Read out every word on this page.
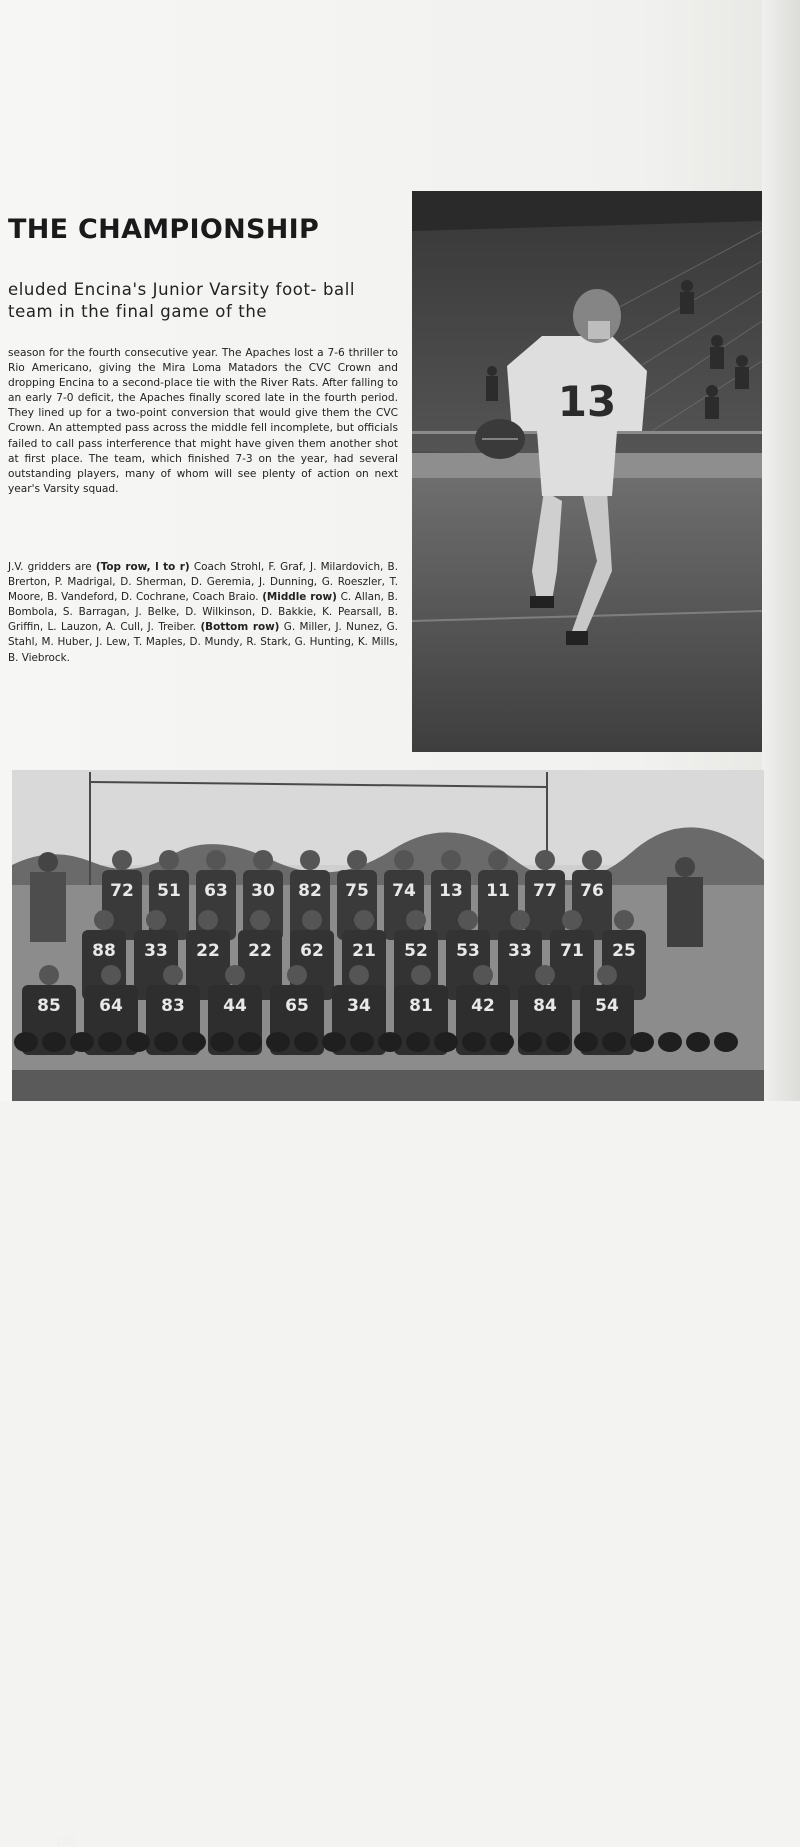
THE CHAMPIONSHIP

eluded Encina's Junior Varsity foot- ball team in the final game of the

season for the fourth consecutive year. The Apaches lost a 7-6 thriller to Rio Americano, giving the Mira Loma Matadors the CVC Crown and dropping Encina to a second-place tie with the River Rats. After falling to an early 7-0 deficit, the Apaches finally scored late in the fourth period. They lined up for a two-point conversion that would give them the CVC Crown. An attempted pass across the middle fell incomplete, but officials failed to call pass interference that might have given them another shot at first place. The team, which finished 7-3 on the year, had several outstanding players, many of whom will see plenty of action on next year's Varsity squad.

J.V. gridders are (Top row, l to r) Coach Strohl, F. Graf, J. Milardovich, B. Brerton, P. Madrigal, D. Sherman, D. Geremia, J. Dunning, G. Roeszler, T. Moore, B. Vandeford, D. Cochrane, Coach Braio. (Middle row) C. Allan, B. Bombola, S. Barragan, J. Belke, D. Wilkinson, D. Bakkie, K. Pearsall, B. Griffin, L. Lauzon, A. Cull, J. Treiber. (Bottom row) G. Miller, J. Nunez, G. Stahl, M. Huber, J. Lew, T. Maples, D. Mundy, R. Stark, G. Hunting, K. Mills, B. Viebrock.

13
72 51 63 30 82 75 74 13 11 77 76
88 33 22 22 62 21 52 53 33 71 25
85 64 83 44 65 34 81 42 84 54
182
